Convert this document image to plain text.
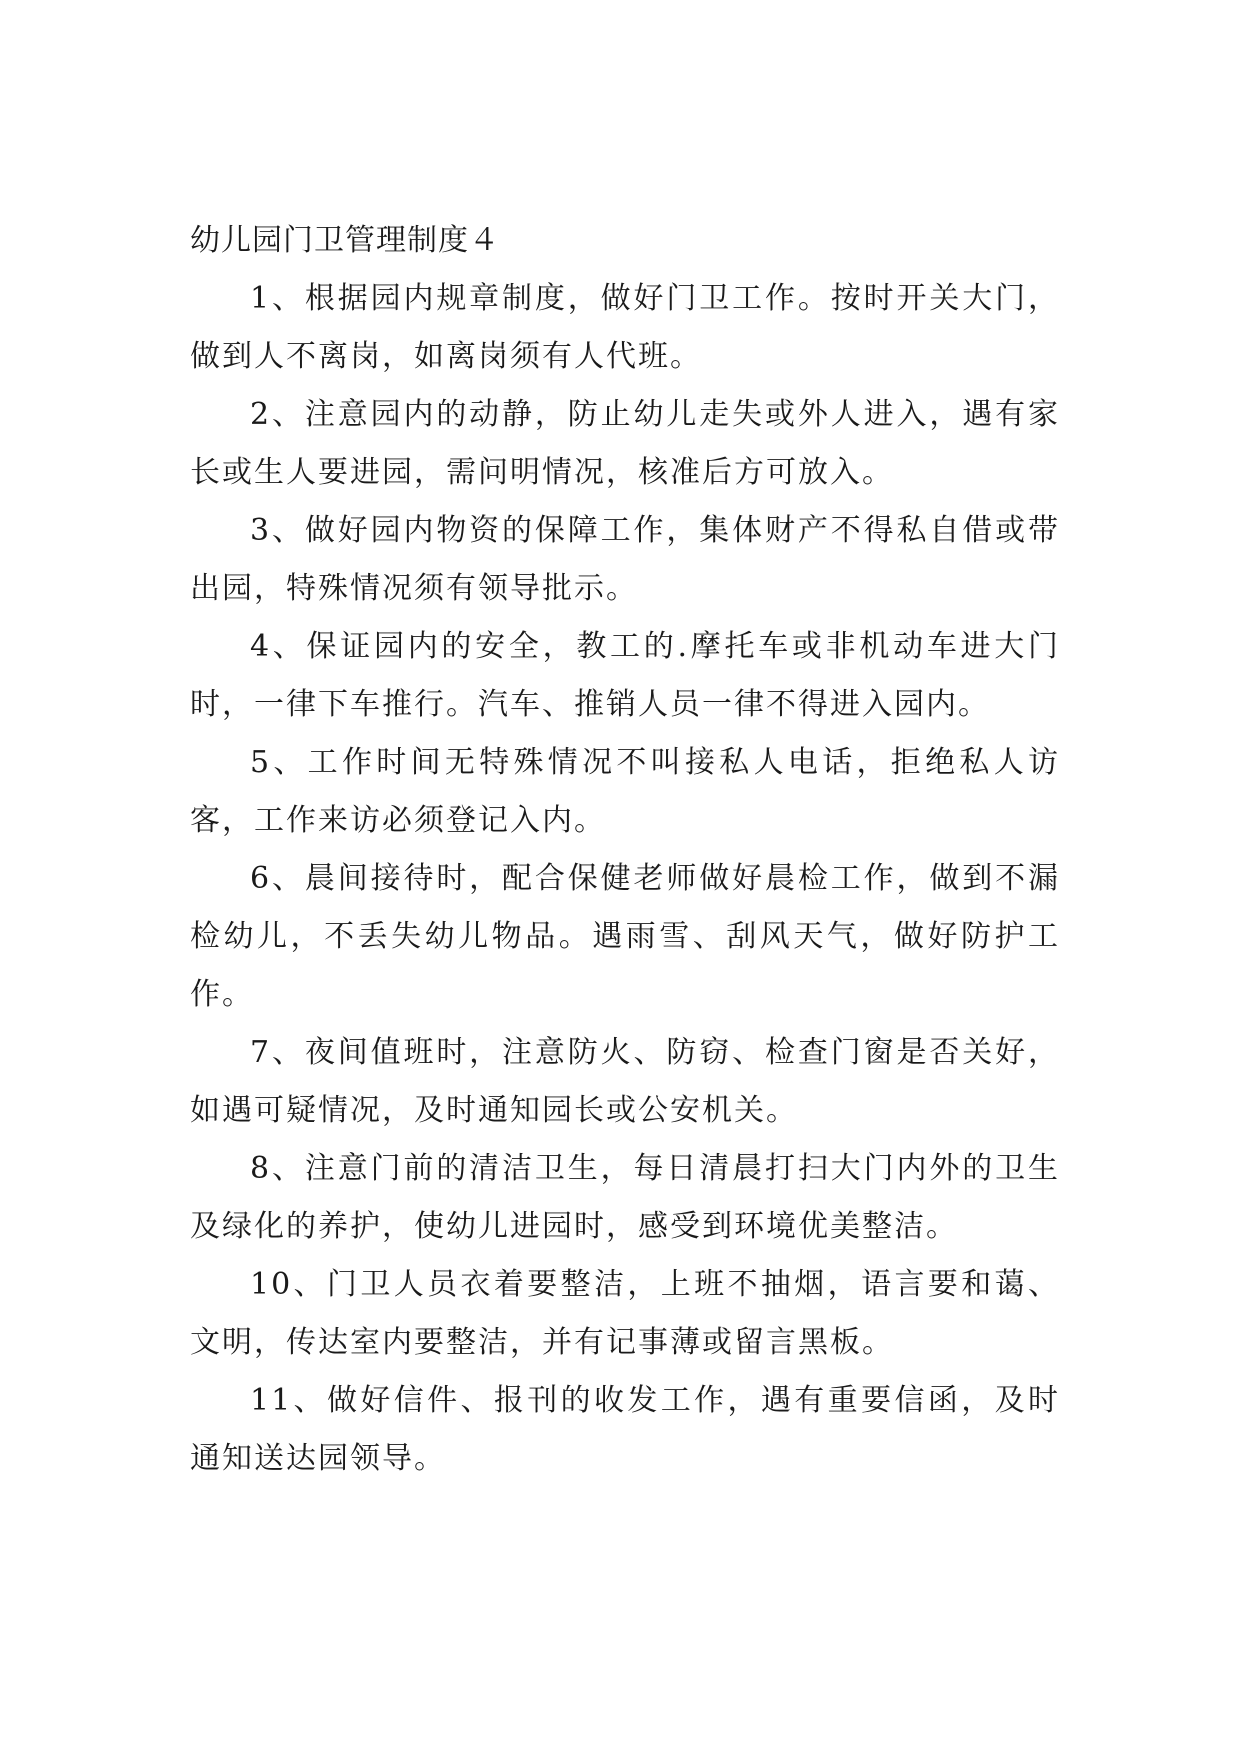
幼儿园门卫管理制度４

1、根据园内规章制度，做好门卫工作。按时开关大门，做到人不离岗，如离岗须有人代班。

2、注意园内的动静，防止幼儿走失或外人进入，遇有家长或生人要进园，需问明情况，核准后方可放入。

3、做好园内物资的保障工作，集体财产不得私自借或带出园，特殊情况须有领导批示。

4、保证园内的安全，教工的.摩托车或非机动车进大门时，一律下车推行。汽车、推销人员一律不得进入园内。

5、工作时间无特殊情况不叫接私人电话，拒绝私人访客，工作来访必须登记入内。

6、晨间接待时，配合保健老师做好晨检工作，做到不漏检幼儿，不丢失幼儿物品。遇雨雪、刮风天气，做好防护工作。

7、夜间值班时，注意防火、防窃、检查门窗是否关好，如遇可疑情况，及时通知园长或公安机关。

8、注意门前的清洁卫生，每日清晨打扫大门内外的卫生及绿化的养护，使幼儿进园时，感受到环境优美整洁。

10、门卫人员衣着要整洁，上班不抽烟，语言要和蔼、文明，传达室内要整洁，并有记事薄或留言黑板。

11、做好信件、报刊的收发工作，遇有重要信函，及时通知送达园领导。
